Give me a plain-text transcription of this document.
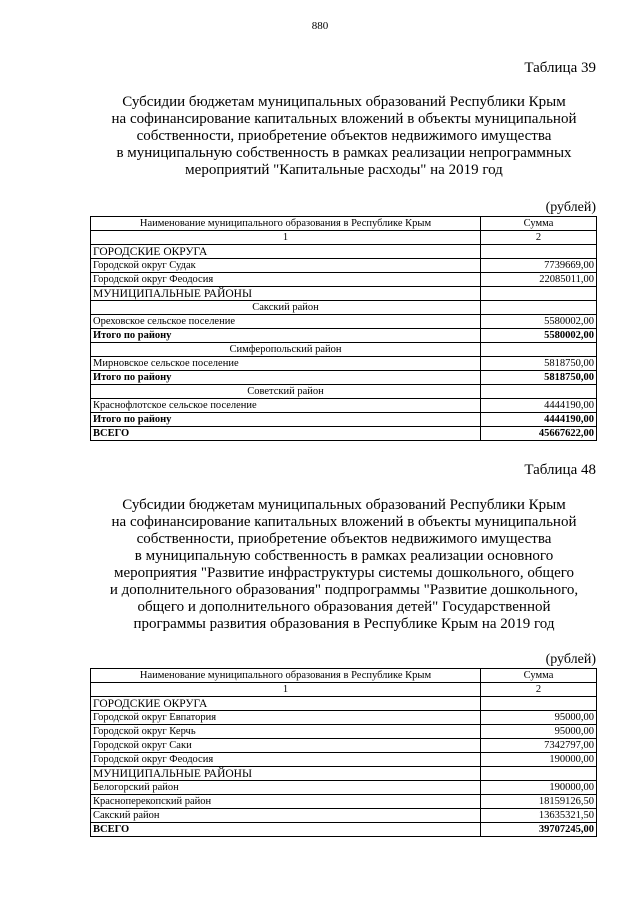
880
Таблица 39
Субсидии бюджетам муниципальных образований Республики Крым
на софинансирование капитальных вложений в объекты муниципальной
собственности, приобретение объектов недвижимого имущества
в муниципальную собственность в рамках реализации непрограммных
мероприятий "Капитальные расходы" на 2019 год
(рублей)
Наименование муниципального образования в Республике Крым	Сумма
1	2
ГОРОДСКИЕ ОКРУГА	
Городской округ Судак	7739669,00
Городской округ Феодосия	22085011,00
МУНИЦИПАЛЬНЫЕ РАЙОНЫ	
Сакский район	
Ореховское сельское поселение	5580002,00
Итого по району	5580002,00
Симферопольский район	
Мирновское сельское поселение	5818750,00
Итого по району	5818750,00
Советский район	
Краснофлотское сельское поселение	4444190,00
Итого по району	4444190,00
ВСЕГО	45667622,00
Таблица 48
Субсидии бюджетам муниципальных образований Республики Крым
на софинансирование капитальных вложений в объекты муниципальной
собственности, приобретение объектов недвижимого имущества
в муниципальную собственность в рамках реализации основного
мероприятия "Развитие инфраструктуры системы дошкольного, общего
и дополнительного образования" подпрограммы "Развитие дошкольного,
общего и дополнительного образования детей" Государственной
программы развития образования в Республике Крым на 2019 год
(рублей)
Наименование муниципального образования в Республике Крым	Сумма
1	2
ГОРОДСКИЕ ОКРУГА	
Городской округ Евпатория	95000,00
Городской округ Керчь	95000,00
Городской округ Саки	7342797,00
Городской округ Феодосия	190000,00
МУНИЦИПАЛЬНЫЕ РАЙОНЫ	
Белогорский район	190000,00
Красноперекопский район	18159126,50
Сакский район	13635321,50
ВСЕГО	39707245,00
